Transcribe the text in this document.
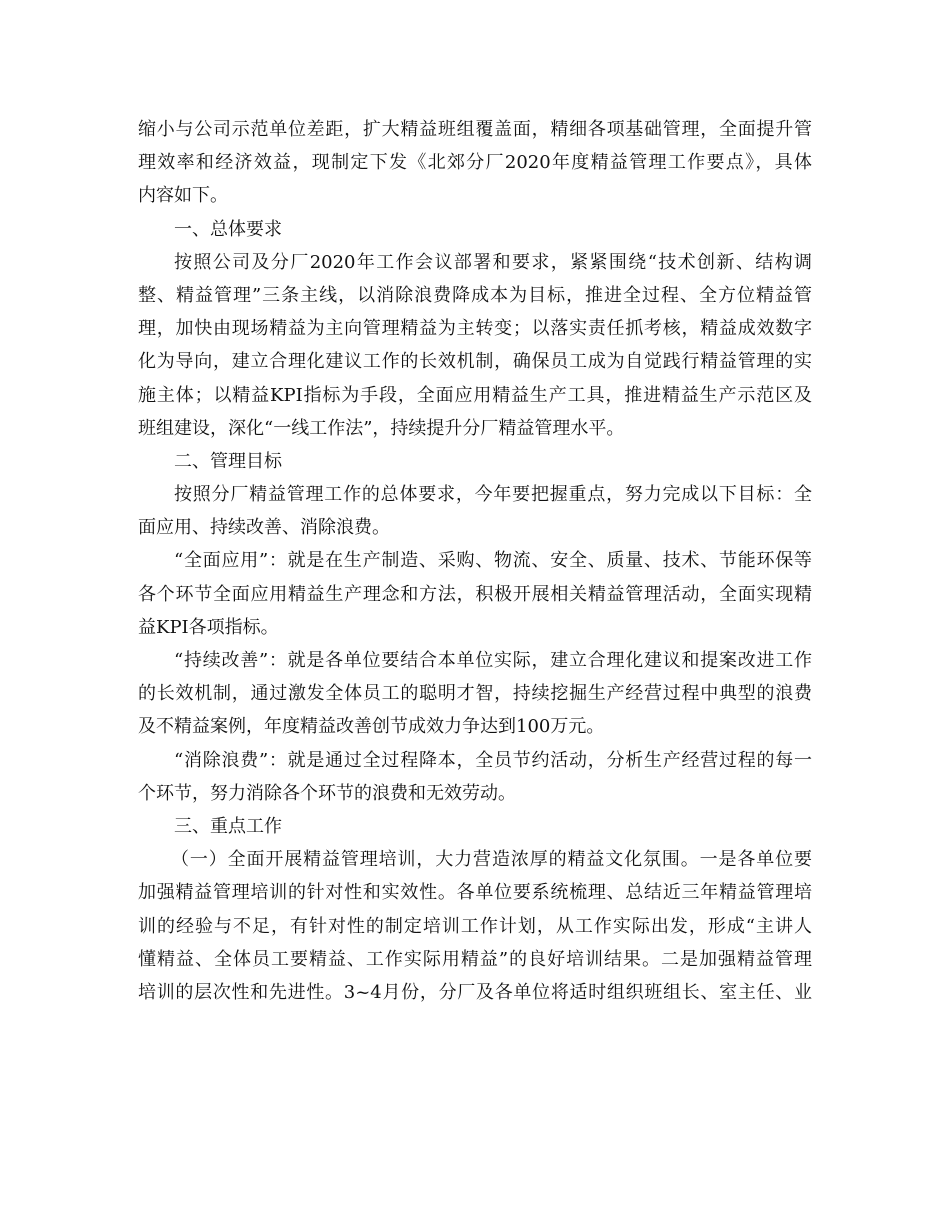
缩小与公司示范单位差距，扩大精益班组覆盖面，精细各项基础管理，全面提升管

理效率和经济效益，现制定下发《北郊分厂2020年度精益管理工作要点》，具体

内容如下。

一、总体要求

按照公司及分厂2020年工作会议部署和要求，紧紧围绕“技术创新、结构调

整、精益管理”三条主线，以消除浪费降成本为目标，推进全过程、全方位精益管

理，加快由现场精益为主向管理精益为主转变；以落实责任抓考核，精益成效数字

化为导向，建立合理化建议工作的长效机制，确保员工成为自觉践行精益管理的实

施主体；以精益KPI指标为手段，全面应用精益生产工具，推进精益生产示范区及

班组建设，深化“一线工作法”，持续提升分厂精益管理水平。

二、管理目标

按照分厂精益管理工作的总体要求，今年要把握重点，努力完成以下目标：全

面应用、持续改善、消除浪费。

“全面应用”：就是在生产制造、采购、物流、安全、质量、技术、节能环保等

各个环节全面应用精益生产理念和方法，积极开展相关精益管理活动，全面实现精

益KPI各项指标。

“持续改善”：就是各单位要结合本单位实际，建立合理化建议和提案改进工作

的长效机制，通过激发全体员工的聪明才智，持续挖掘生产经营过程中典型的浪费

及不精益案例，年度精益改善创节成效力争达到100万元。

“消除浪费”：就是通过全过程降本，全员节约活动，分析生产经营过程的每一

个环节，努力消除各个环节的浪费和无效劳动。

三、重点工作

（一）全面开展精益管理培训，大力营造浓厚的精益文化氛围。一是各单位要

加强精益管理培训的针对性和实效性。各单位要系统梳理、总结近三年精益管理培

训的经验与不足，有针对性的制定培训工作计划，从工作实际出发，形成“主讲人

懂精益、全体员工要精益、工作实际用精益”的良好培训结果。二是加强精益管理

培训的层次性和先进性。3~4月份，分厂及各单位将适时组织班组长、室主任、业
